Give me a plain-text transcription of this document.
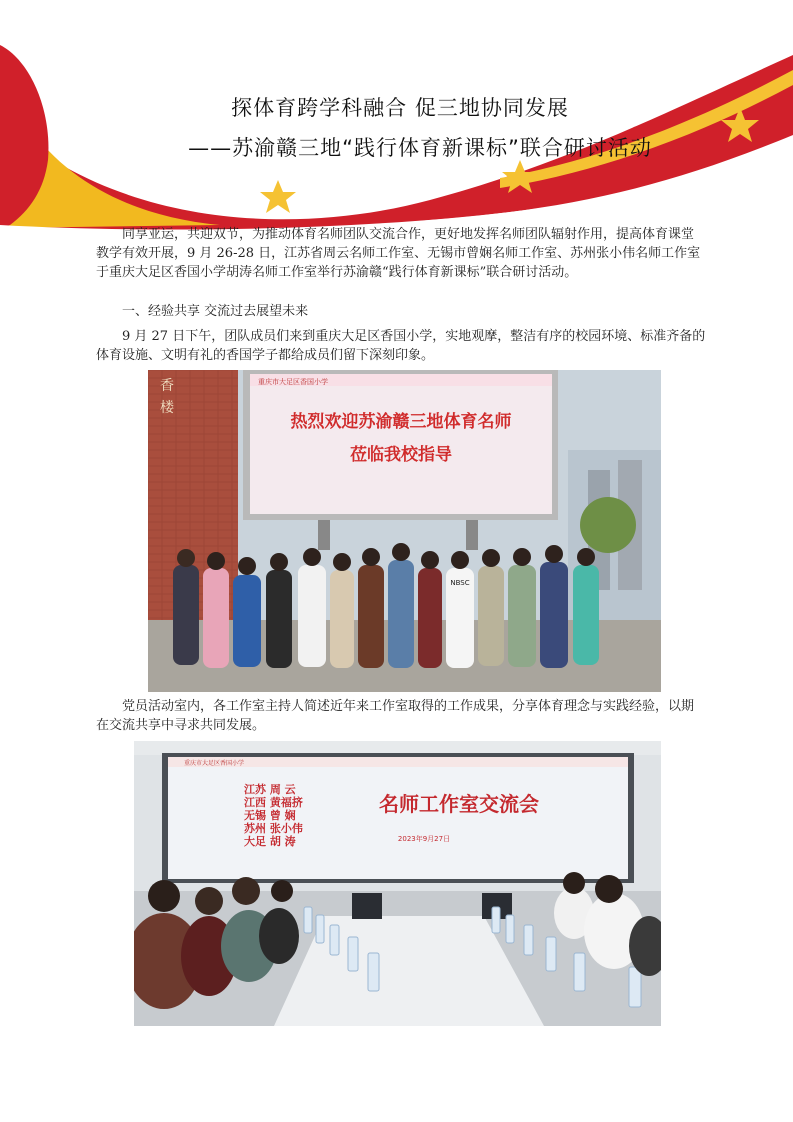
探体育跨学科融合 促三地协同发展
——苏渝赣三地“践行体育新课标”联合研讨活动

同享亚运，共迎双节，为推动体育名师团队交流合作，更好地发挥名师团队辐射作用，提高体育课堂教学有效开展，9 月 26-28 日，江苏省周云名师工作室、无锡市曾娴名师工作室、苏州张小伟名师工作室于重庆大足区香国小学胡涛名师工作室举行苏渝赣“践行体育新课标”联合研讨活动。

一、经验共享 交流过去展望未来

9 月 27 日下午，团队成员们来到重庆大足区香国小学，实地观摩，整洁有序的校园环境、标准齐备的体育设施、文明有礼的香国学子都给成员们留下深刻印象。

香
楼
重庆市大足区香国小学
热烈欢迎苏渝赣三地体育名师
莅临我校指导
NBSC

党员活动室内，各工作室主持人简述近年来工作室取得的工作成果，分享体育理念与实践经验，以期在交流共享中寻求共同发展。

重庆市大足区香国小学
江苏 周 云
江西 黄福挤
无锡 曾 娴
苏州 张小伟
大足 胡 涛
名师工作室交流会
2023年9月27日
